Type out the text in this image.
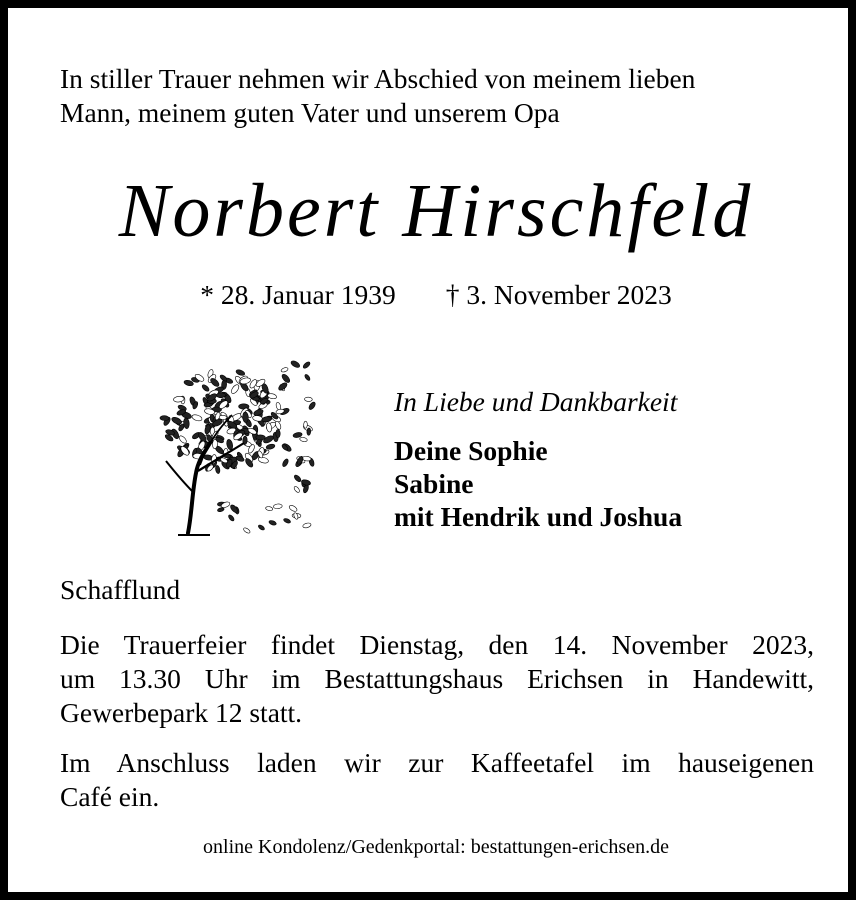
In stiller Trauer nehmen wir Abschied von meinem lieben
Mann, meinem guten Vater und unserem Opa
Norbert Hirschfeld
* 28. Januar 1939 † 3. November 2023
In Liebe und Dankbarkeit
Deine Sophie
Sabine
mit Hendrik und Joshua
Schafflund
Die Trauerfeier findet Dienstag, den 14. November 2023,
um 13.30 Uhr im Bestattungshaus Erichsen in Handewitt,
Gewerbepark 12 statt.
Im Anschluss laden wir zur Kaffeetafel im hauseigenen
Café ein.
online Kondolenz/Gedenkportal: bestattungen-erichsen.de
